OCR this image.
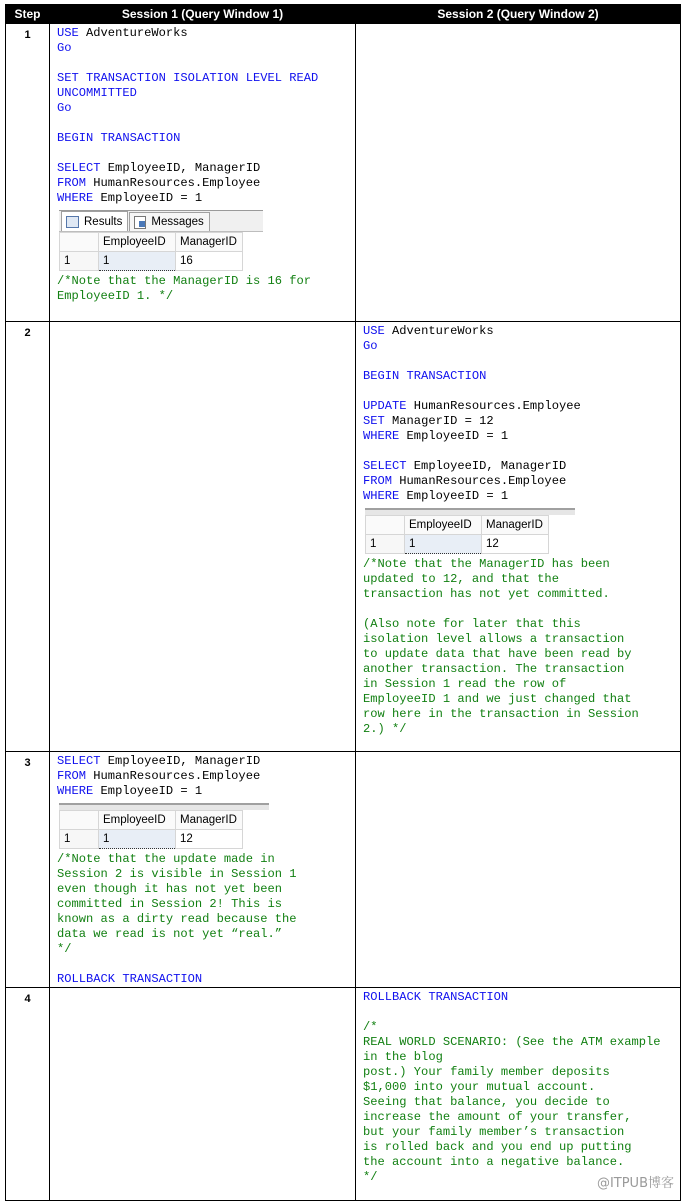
Step	Session 1 (Query Window 1)	Session 2 (Query Window 2)
1	USE AdventureWorks
Go

SET TRANSACTION ISOLATION LEVEL READ
UNCOMMITTED
Go

BEGIN TRANSACTION

SELECT EmployeeID, ManagerID
FROM HumanResources.Employee
WHERE EmployeeID = 1
Results	Messages
	EmployeeID	ManagerID
1	1	16
/*Note that the ManagerID is 16 for
EmployeeID 1. */

2		USE AdventureWorks
Go

BEGIN TRANSACTION

UPDATE HumanResources.Employee
SET ManagerID = 12
WHERE EmployeeID = 1

SELECT EmployeeID, ManagerID
FROM HumanResources.Employee
WHERE EmployeeID = 1
	EmployeeID	ManagerID
1	1	12
/*Note that the ManagerID has been
updated to 12, and that the
transaction has not yet committed.

(Also note for later that this
isolation level allows a transaction
to update data that have been read by
another transaction. The transaction
in Session 1 read the row of
EmployeeID 1 and we just changed that
row here in the transaction in Session
2.) */

3	SELECT EmployeeID, ManagerID
FROM HumanResources.Employee
WHERE EmployeeID = 1
	EmployeeID	ManagerID
1	1	12
/*Note that the update made in
Session 2 is visible in Session 1
even though it has not yet been
committed in Session 2! This is
known as a dirty read because the
data we read is not yet “real.”
*/
ROLLBACK TRANSACTION

4		ROLLBACK TRANSACTION
/*
REAL WORLD SCENARIO: (See the ATM example
in the blog
post.) Your family member deposits
$1,000 into your mutual account.
Seeing that balance, you decide to
increase the amount of your transfer,
but your family member’s transaction
is rolled back and you end up putting
the account into a negative balance.
*/	@ITPUB博客
